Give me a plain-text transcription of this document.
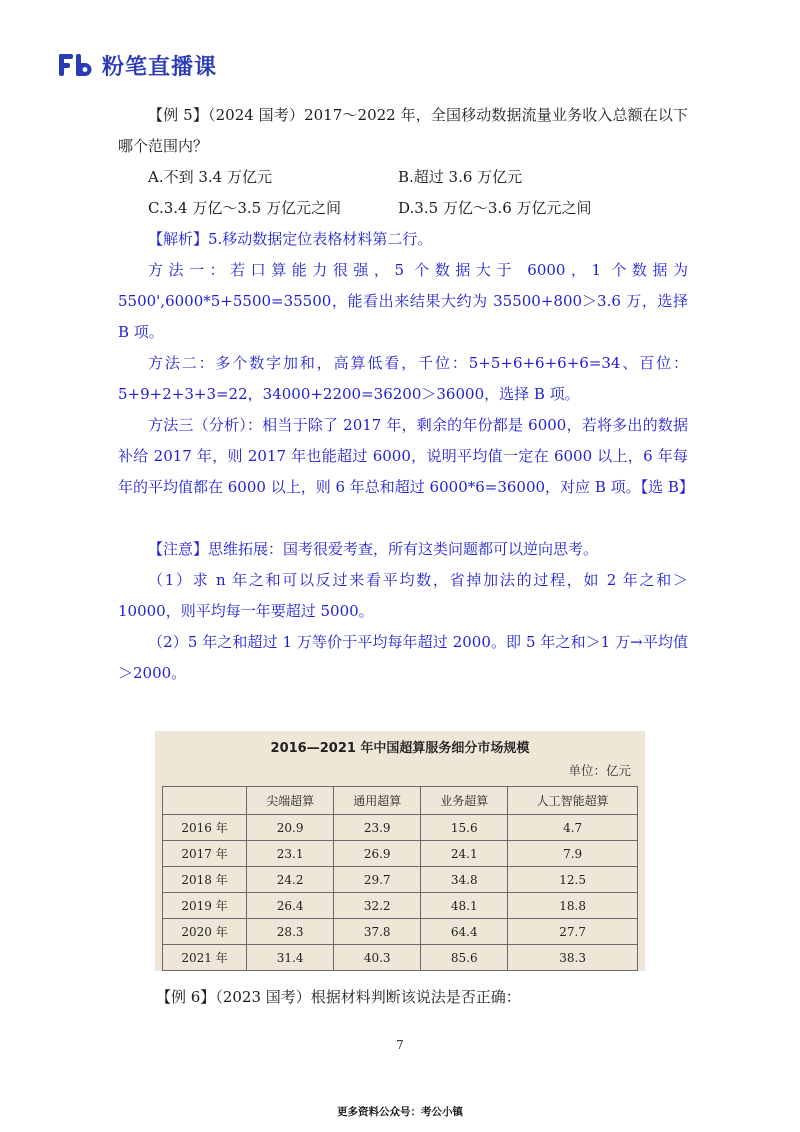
粉笔直播课

【例 5】（2024 国考）2017～2022 年，全国移动数据流量业务收入总额在以下哪个范围内？

A.不到 3.4 万亿元	B.超过 3.6 万亿元
C.3.4 万亿～3.5 万亿元之间	D.3.5 万亿～3.6 万亿元之间

【解析】5.移动数据定位表格材料第二行。

方法一：若口算能力很强，5 个数据大于 6000，1 个数据为 5500',6000*5+5500=35500，能看出来结果大约为 35500+800＞3.6 万，选择 B 项。

方法二：多个数字加和，高算低看，千位：5+5+6+6+6+6=34、百位：5+9+2+3+3=22，34000+2200=36200＞36000，选择 B 项。

方法三（分析）：相当于除了 2017 年，剩余的年份都是 6000，若将多出的数据补给 2017 年，则 2017 年也能超过 6000，说明平均值一定在 6000 以上，6 年每年的平均值都在 6000 以上，则 6 年总和超过 6000*6=36000，对应 B 项。【选 B】

【注意】思维拓展：国考很爱考查，所有这类问题都可以逆向思考。

（1）求 n 年之和可以反过来看平均数，省掉加法的过程，如 2 年之和＞10000，则平均每一年要超过 5000。

（2）5 年之和超过 1 万等价于平均每年超过 2000。即 5 年之和＞1 万→平均值＞2000。

2016—2021 年中国超算服务细分市场规模
单位：亿元
	尖端超算	通用超算	业务超算	人工智能超算
2016 年	20.9	23.9	15.6	4.7
2017 年	23.1	26.9	24.1	7.9
2018 年	24.2	29.7	34.8	12.5
2019 年	26.4	32.2	48.1	18.8
2020 年	28.3	37.8	64.4	27.7
2021 年	31.4	40.3	85.6	38.3
【例 6】（2023 国考）根据材料判断该说法是否正确：
7
更多资料公众号：考公小镇
